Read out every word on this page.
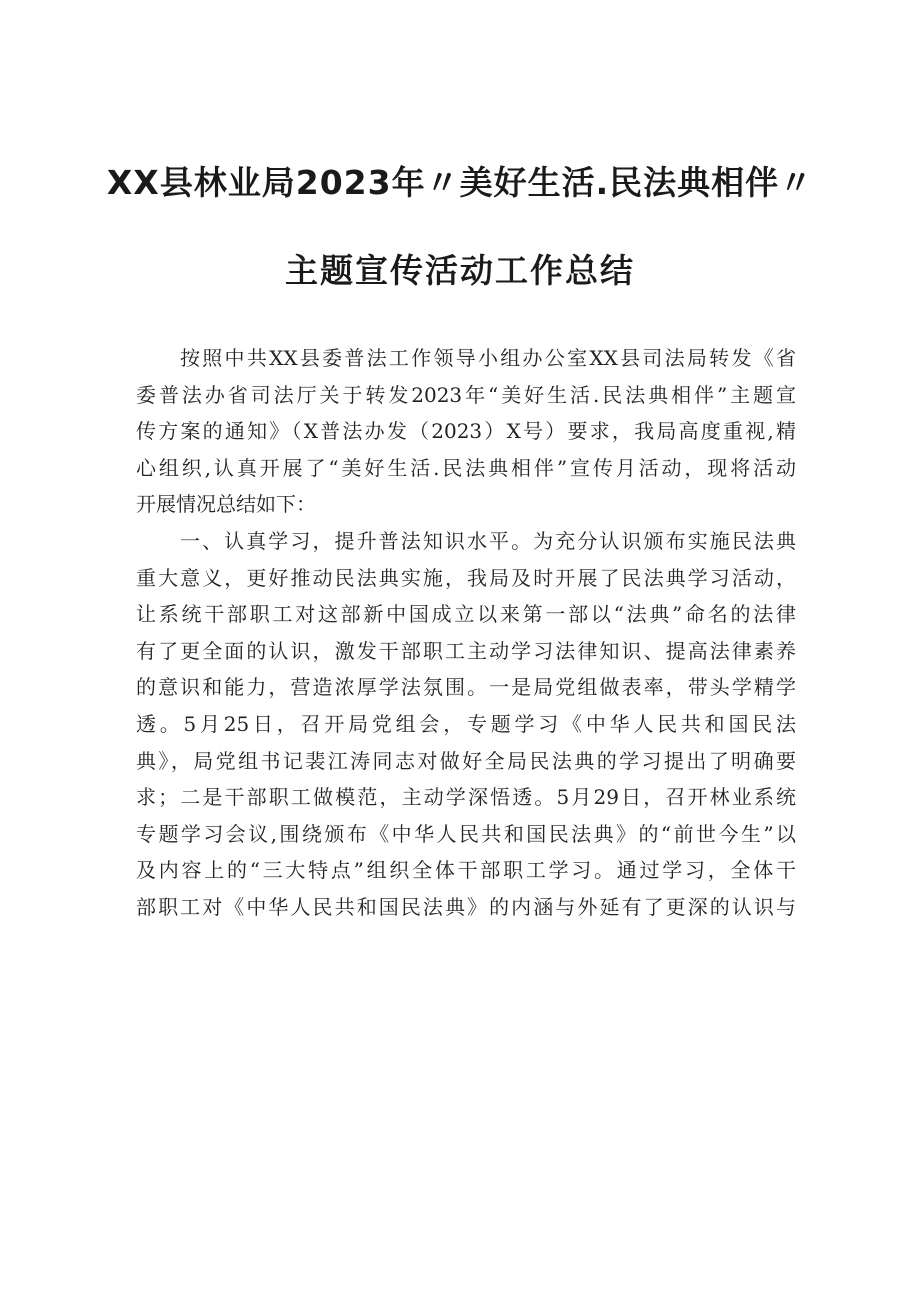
XX县林业局2023年〃美好生活.民法典相伴〃
主题宣传活动工作总结
按照中共XX县委普法工作领导小组办公室XX县司法局转发《省
委普法办省司法厅关于转发2023年“美好生活.民法典相伴”主题宣
传方案的通知》（X普法办发（2023）X号）要求，我局高度重视,精
心组织,认真开展了“美好生活.民法典相伴”宣传月活动，现将活动
开展情况总结如下：
一、认真学习，提升普法知识水平。为充分认识颁布实施民法典
重大意义，更好推动民法典实施，我局及时开展了民法典学习活动，
让系统干部职工对这部新中国成立以来第一部以“法典”命名的法律
有了更全面的认识，激发干部职工主动学习法律知识、提高法律素养
的意识和能力，营造浓厚学法氛围。一是局党组做表率，带头学精学
透。5月25日，召开局党组会，专题学习《中华人民共和国民法
典》，局党组书记裴江涛同志对做好全局民法典的学习提出了明确要
求；二是干部职工做模范，主动学深悟透。5月29日，召开林业系统
专题学习会议,围绕颁布《中华人民共和国民法典》的“前世今生”以
及内容上的“三大特点”组织全体干部职工学习。通过学习，全体干
部职工对《中华人民共和国民法典》的内涵与外延有了更深的认识与
